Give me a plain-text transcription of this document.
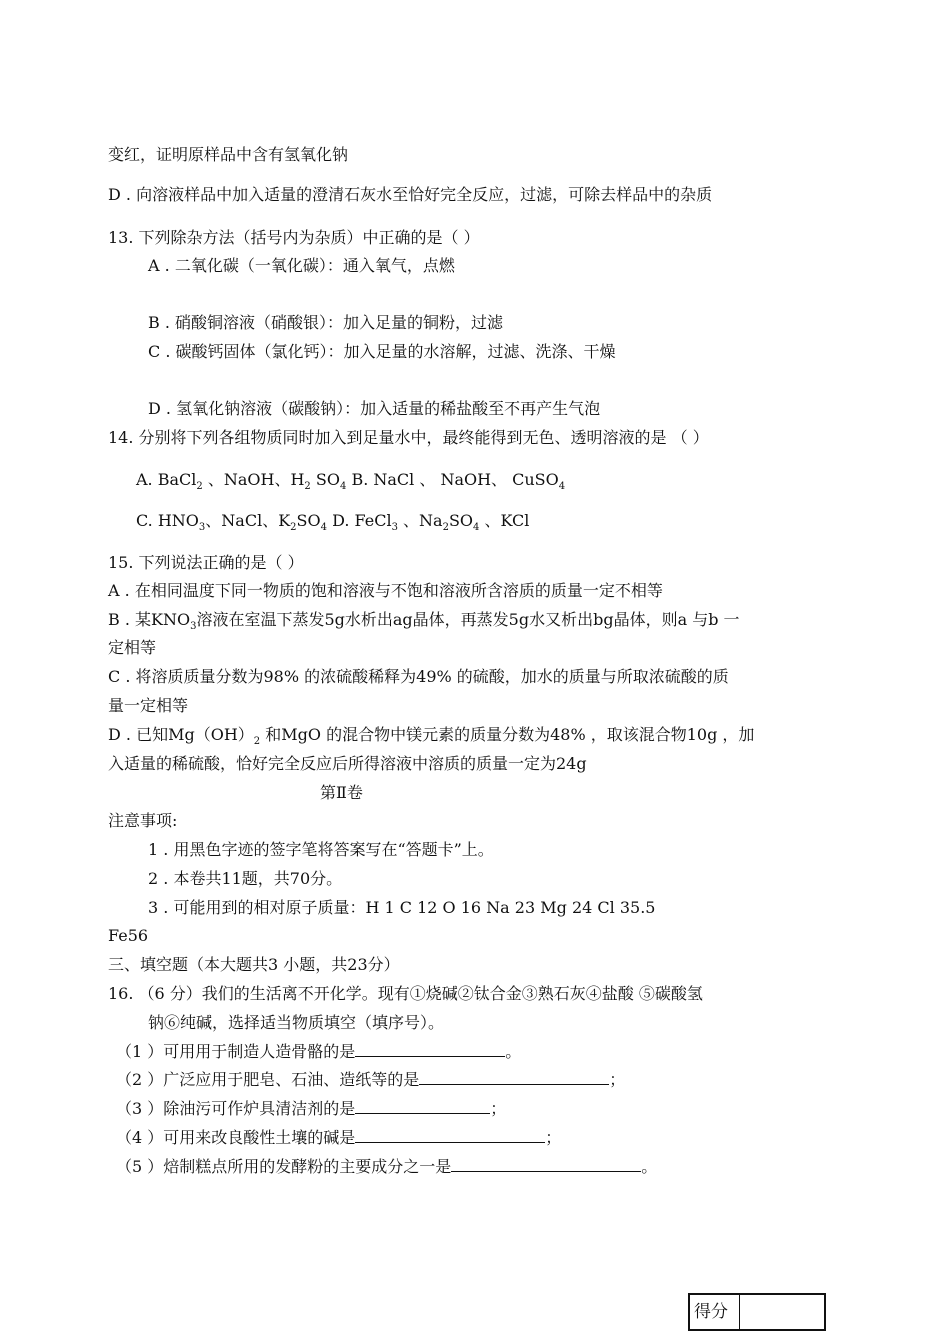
变红，证明原样品中含有氢氧化钠
D . 向溶液样品中加入适量的澄清石灰水至恰好完全反应，过滤，可除去样品中的杂质
13. 下列除杂方法（括号内为杂质）中正确的是（ ）
A . 二氧化碳（一氧化碳）：通入氧气，点燃
B . 硝酸铜溶液（硝酸银）：加入足量的铜粉，过滤
C . 碳酸钙固体（氯化钙）：加入足量的水溶解，过滤、洗涤、干燥
D . 氢氧化钠溶液（碳酸钠）：加入适量的稀盐酸至不再产生气泡
14. 分别将下列各组物质同时加入到足量水中，最终能得到无色、透明溶液的是 （ ）
A. BaCl$_2$ 、NaOH、$H_2$ $SO_4$ B. NaCl 、 NaOH、 CuSO$_4$
C. $HNO_3$、NaCl、$K_2SO_4$ D. FeCl$_3$ 、$Na_2SO_4$ 、KCl
15. 下列说法正确的是（ ）
A . 在相同温度下同一物质的饱和溶液与不饱和溶液所含溶质的质量一定不相等
B . 某$KNO_3$溶液在室温下蒸发5g水析出ag晶体，再蒸发5g水又析出bg晶体，则a 与b 一
定相等
C . 将溶质质量分数为98% 的浓硫酸稀释为49% 的硫酸，加水的质量与所取浓硫酸的质
量一定相等
D . 已知$Mg(OH)_2$ 和MgO 的混合物中镁元素的质量分数为48% ，取该混合物10g ，加
入适量的稀硫酸，恰好完全反应后所得溶液中溶质的质量一定为24g
第Ⅱ卷
注意事项:
1 . 用黑色字迹的签字笔将答案写在“答题卡”上。
2 . 本卷共11题，共70分。
3 . 可能用到的相对原子质量：H 1 C 12 O 16 Na 23 Mg 24 Cl 35.5
Fe56
三、填空题（本大题共3 小题，共23分）
16. （6 分）我们的生活离不开化学。现有①烧碱②钛合金③熟石灰④盐酸 ⑤碳酸氢
钠⑥纯碱，选择适当物质填空（填序号）。
（1 ）可用用于制造人造骨骼的是	。
（2 ）广泛应用于肥皂、石油、造纸等的是	；
（3 ）除油污可作炉具清洁剂的是	；
（4 ）可用来改良酸性土壤的碱是	；
（5 ）焙制糕点所用的发酵粉的主要成分之一是	。
得分
